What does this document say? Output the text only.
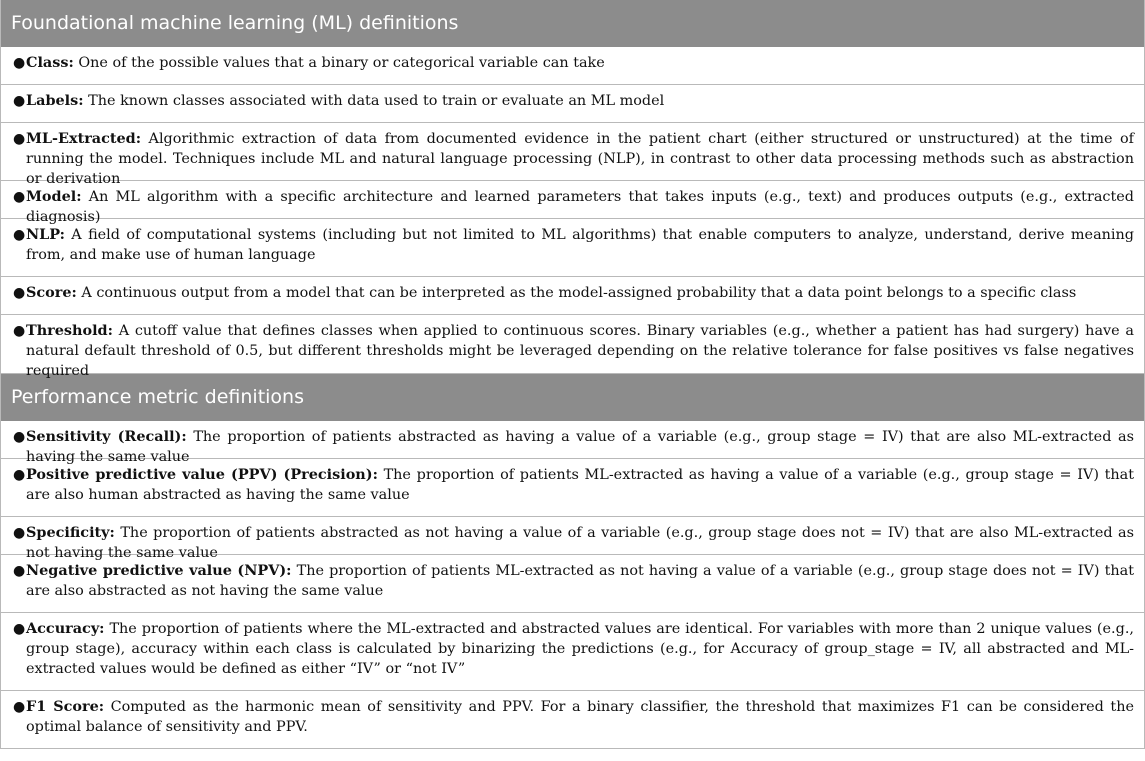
Foundational machine learning (ML) definitions
● Class: One of the possible values that a binary or categorical variable can take
● Labels: The known classes associated with data used to train or evaluate an ML model
● ML-Extracted: Algorithmic extraction of data from documented evidence in the patient chart (either structured or unstructured) at the time of running the model. Techniques include ML and natural language processing (NLP), in contrast to other data processing methods such as abstraction or derivation
● Model: An ML algorithm with a specific architecture and learned parameters that takes inputs (e.g., text) and produces outputs (e.g., extracted diagnosis)
● NLP: A field of computational systems (including but not limited to ML algorithms) that enable computers to analyze, understand, derive meaning from, and make use of human language
● Score: A continuous output from a model that can be interpreted as the model-assigned probability that a data point belongs to a specific class
● Threshold: A cutoff value that defines classes when applied to continuous scores. Binary variables (e.g., whether a patient has had surgery) have a natural default threshold of 0.5, but different thresholds might be leveraged depending on the relative tolerance for false positives vs false negatives required
Performance metric definitions
● Sensitivity (Recall): The proportion of patients abstracted as having a value of a variable (e.g., group stage = IV) that are also ML-extracted as having the same value
● Positive predictive value (PPV) (Precision): The proportion of patients ML-extracted as having a value of a variable (e.g., group stage = IV) that are also human abstracted as having the same value
● Specificity: The proportion of patients abstracted as not having a value of a variable (e.g., group stage does not = IV) that are also ML-extracted as not having the same value
● Negative predictive value (NPV): The proportion of patients ML-extracted as not having a value of a variable (e.g., group stage does not = IV) that are also abstracted as not having the same value
● Accuracy: The proportion of patients where the ML-extracted and abstracted values are identical. For variables with more than 2 unique values (e.g., group stage), accuracy within each class is calculated by binarizing the predictions (e.g., for Accuracy of group_stage = IV, all abstracted and ML-extracted values would be defined as either “IV” or “not IV”
● F1 Score: Computed as the harmonic mean of sensitivity and PPV. For a binary classifier, the threshold that maximizes F1 can be considered the optimal balance of sensitivity and PPV.
